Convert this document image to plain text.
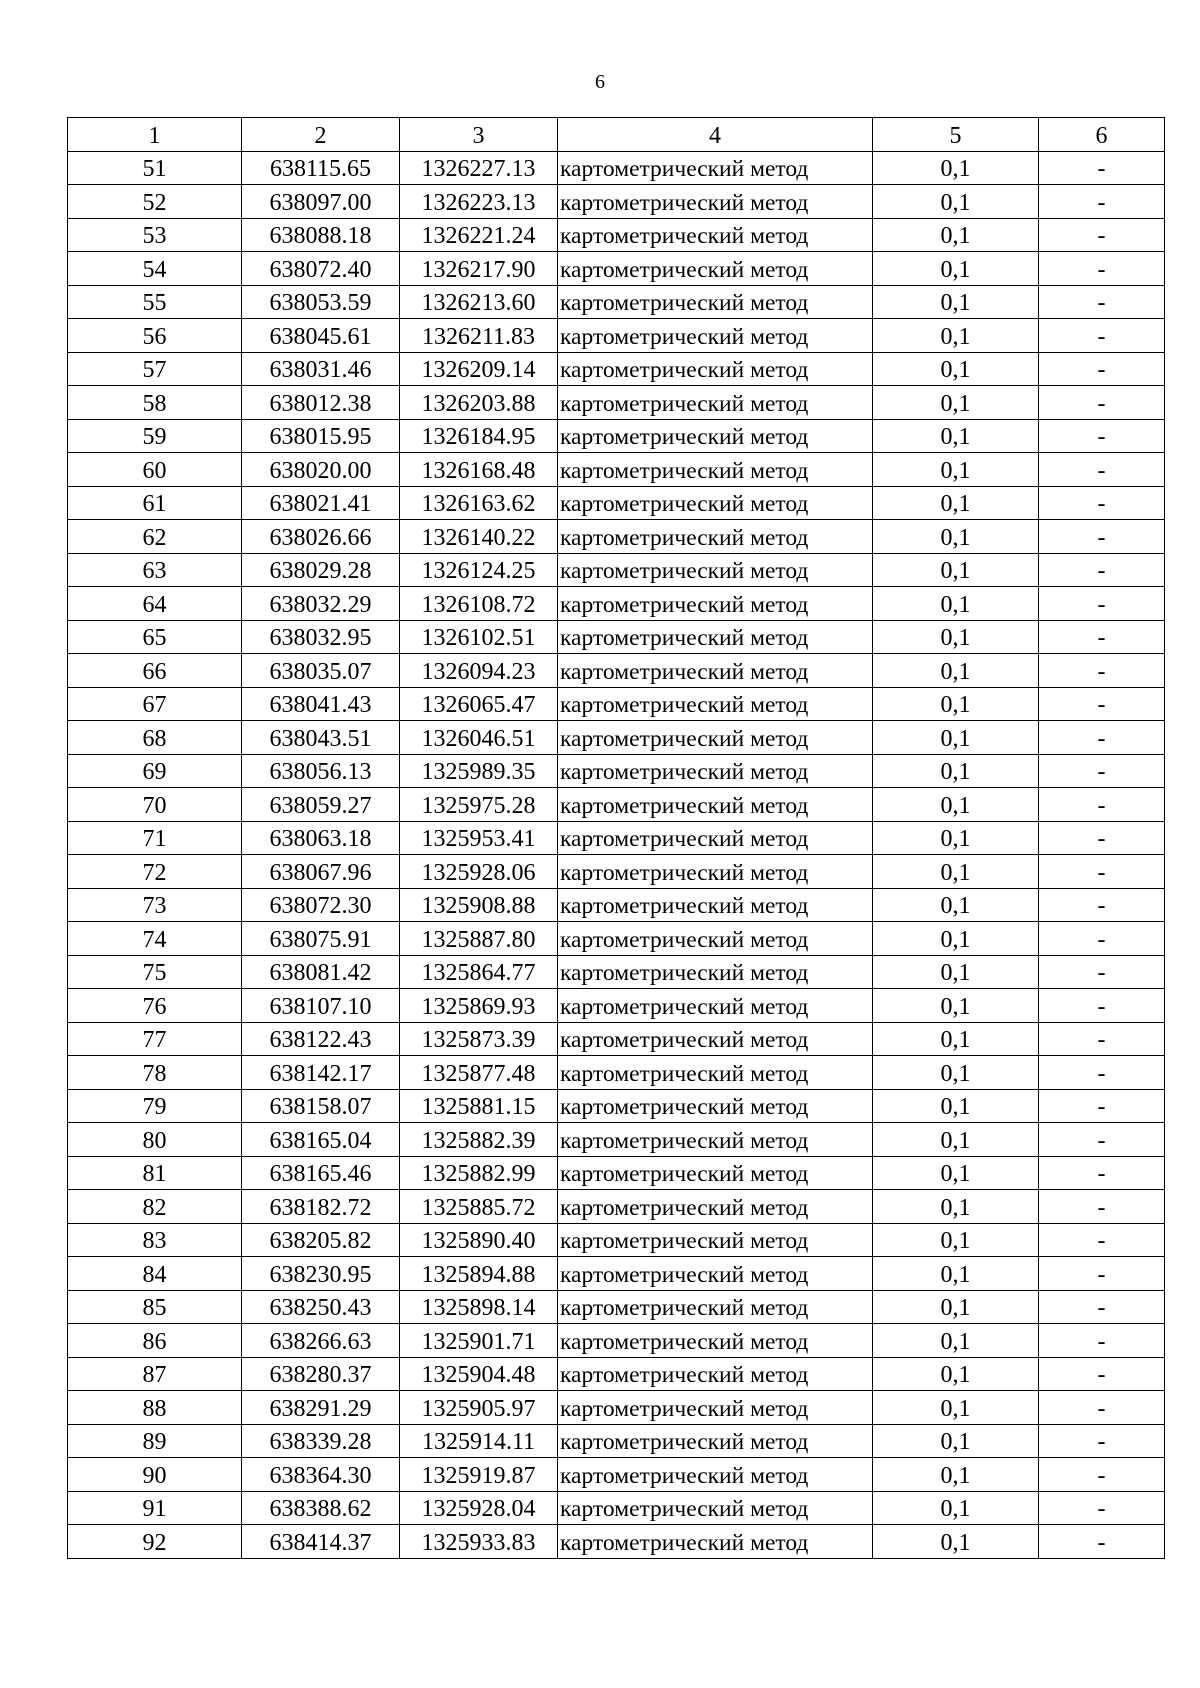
6
1	2	3	4	5	6
51	638115.65	1326227.13	картометрический метод	0,1	-
52	638097.00	1326223.13	картометрический метод	0,1	-
53	638088.18	1326221.24	картометрический метод	0,1	-
54	638072.40	1326217.90	картометрический метод	0,1	-
55	638053.59	1326213.60	картометрический метод	0,1	-
56	638045.61	1326211.83	картометрический метод	0,1	-
57	638031.46	1326209.14	картометрический метод	0,1	-
58	638012.38	1326203.88	картометрический метод	0,1	-
59	638015.95	1326184.95	картометрический метод	0,1	-
60	638020.00	1326168.48	картометрический метод	0,1	-
61	638021.41	1326163.62	картометрический метод	0,1	-
62	638026.66	1326140.22	картометрический метод	0,1	-
63	638029.28	1326124.25	картометрический метод	0,1	-
64	638032.29	1326108.72	картометрический метод	0,1	-
65	638032.95	1326102.51	картометрический метод	0,1	-
66	638035.07	1326094.23	картометрический метод	0,1	-
67	638041.43	1326065.47	картометрический метод	0,1	-
68	638043.51	1326046.51	картометрический метод	0,1	-
69	638056.13	1325989.35	картометрический метод	0,1	-
70	638059.27	1325975.28	картометрический метод	0,1	-
71	638063.18	1325953.41	картометрический метод	0,1	-
72	638067.96	1325928.06	картометрический метод	0,1	-
73	638072.30	1325908.88	картометрический метод	0,1	-
74	638075.91	1325887.80	картометрический метод	0,1	-
75	638081.42	1325864.77	картометрический метод	0,1	-
76	638107.10	1325869.93	картометрический метод	0,1	-
77	638122.43	1325873.39	картометрический метод	0,1	-
78	638142.17	1325877.48	картометрический метод	0,1	-
79	638158.07	1325881.15	картометрический метод	0,1	-
80	638165.04	1325882.39	картометрический метод	0,1	-
81	638165.46	1325882.99	картометрический метод	0,1	-
82	638182.72	1325885.72	картометрический метод	0,1	-
83	638205.82	1325890.40	картометрический метод	0,1	-
84	638230.95	1325894.88	картометрический метод	0,1	-
85	638250.43	1325898.14	картометрический метод	0,1	-
86	638266.63	1325901.71	картометрический метод	0,1	-
87	638280.37	1325904.48	картометрический метод	0,1	-
88	638291.29	1325905.97	картометрический метод	0,1	-
89	638339.28	1325914.11	картометрический метод	0,1	-
90	638364.30	1325919.87	картометрический метод	0,1	-
91	638388.62	1325928.04	картометрический метод	0,1	-
92	638414.37	1325933.83	картометрический метод	0,1	-
